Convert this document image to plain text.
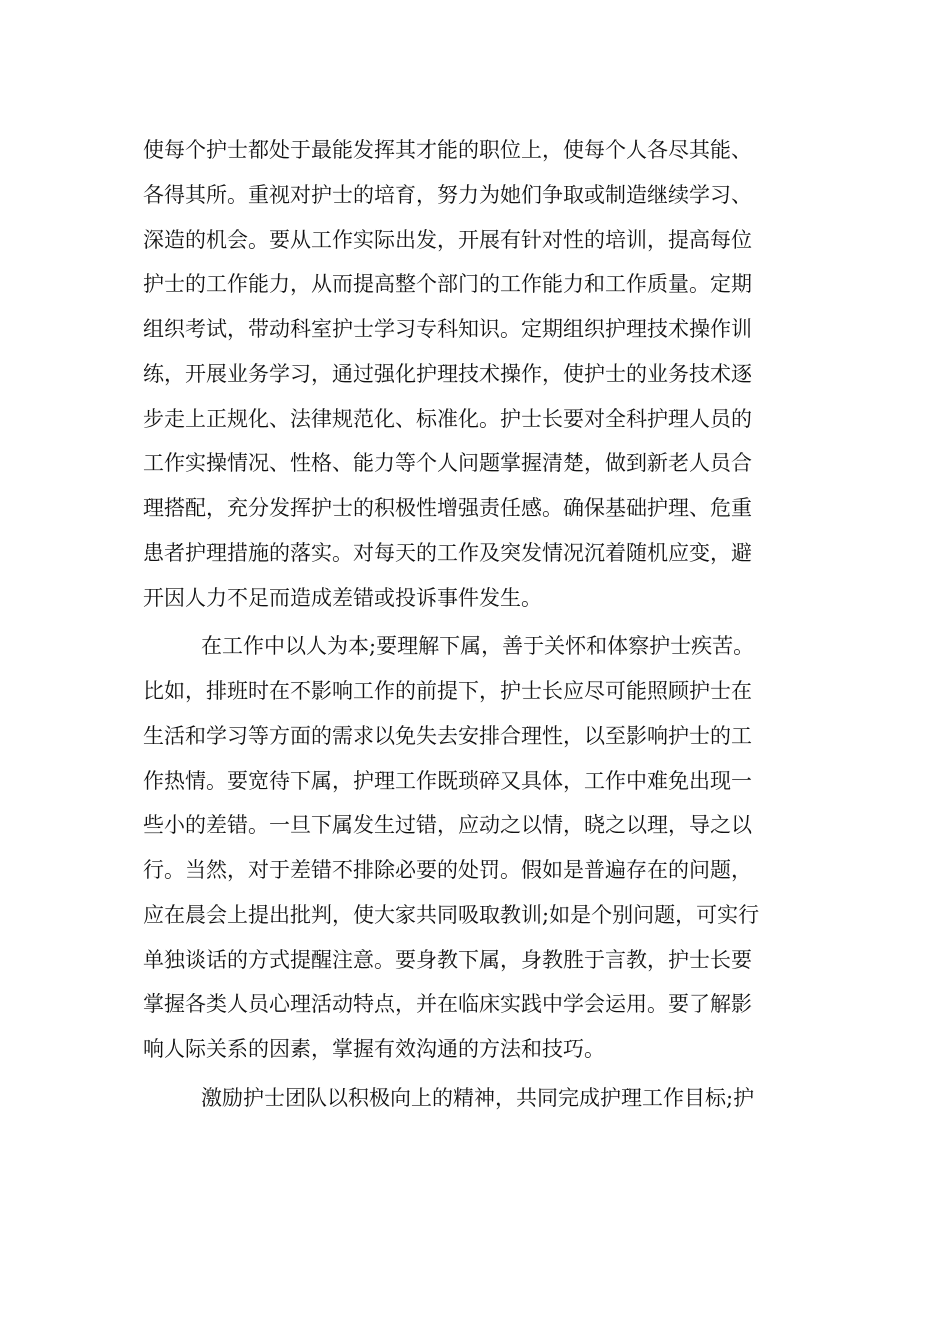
使每个护士都处于最能发挥其才能的职位上，使每个人各尽其能、
各得其所。重视对护士的培育，努力为她们争取或制造继续学习、
深造的机会。要从工作实际出发，开展有针对性的培训，提高每位
护士的工作能力，从而提高整个部门的工作能力和工作质量。定期
组织考试，带动科室护士学习专科知识。定期组织护理技术操作训
练，开展业务学习，通过强化护理技术操作，使护士的业务技术逐
步走上正规化、法律规范化、标准化。护士长要对全科护理人员的
工作实操情况、性格、能力等个人问题掌握清楚，做到新老人员合
理搭配，充分发挥护士的积极性增强责任感。确保基础护理、危重
患者护理措施的落实。对每天的工作及突发情况沉着随机应变，避
开因人力不足而造成差错或投诉事件发生。
在工作中以人为本;要理解下属，善于关怀和体察护士疾苦。
比如，排班时在不影响工作的前提下，护士长应尽可能照顾护士在
生活和学习等方面的需求以免失去安排合理性，以至影响护士的工
作热情。要宽待下属，护理工作既琐碎又具体，工作中难免出现一
些小的差错。一旦下属发生过错，应动之以情，晓之以理，导之以
行。当然，对于差错不排除必要的处罚。假如是普遍存在的问题，
应在晨会上提出批判，使大家共同吸取教训;如是个别问题，可实行
单独谈话的方式提醒注意。要身教下属，身教胜于言教，护士长要
掌握各类人员心理活动特点，并在临床实践中学会运用。要了解影
响人际关系的因素，掌握有效沟通的方法和技巧。
激励护士团队以积极向上的精神，共同完成护理工作目标;护
